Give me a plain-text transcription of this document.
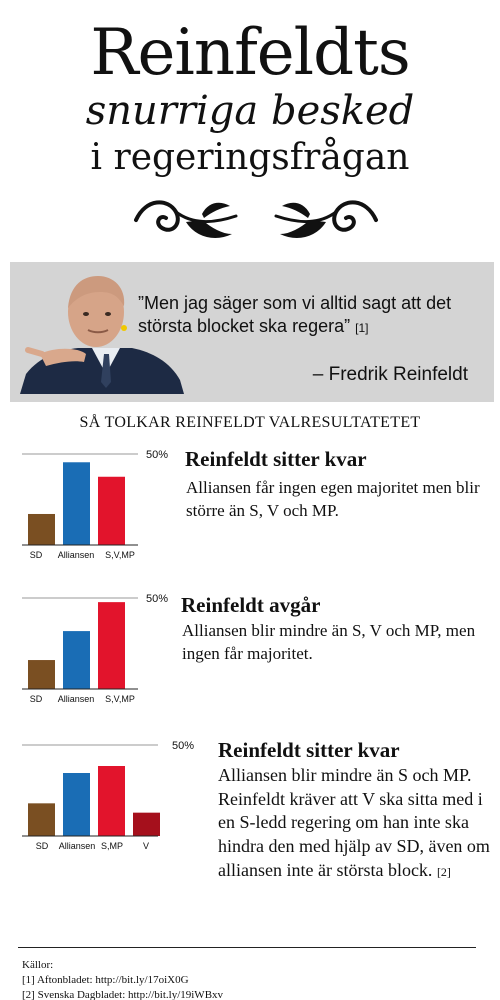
Reinfeldts
snurriga besked
i regeringsfrågan
”Men jag säger som vi alltid sagt att det största blocket ska regera” [1]
– Fredrik Reinfeldt
SÅ TOLKAR REINFELDT VALRESULTATETET
50%
SD Alliansen S,V,MP
50%
SD Alliansen S,V,MP
50%
SD Alliansen S,MP V
Reinfeldt sitter kvar
Alliansen får ingen egen majoritet men blir större än S, V och MP.
Reinfeldt avgår
Alliansen blir mindre än S, V och MP, men ingen får majoritet.
Reinfeldt sitter kvar
Alliansen blir mindre än S och MP. Reinfeldt kräver att V ska sitta med i en S-ledd regering om han inte ska hindra den med hjälp av SD, även om alliansen inte är största block. [2]
Källor:
[1] Aftonbladet: http://bit.ly/17oiX0G
[2] Svenska Dagbladet: http://bit.ly/19iWBxv
